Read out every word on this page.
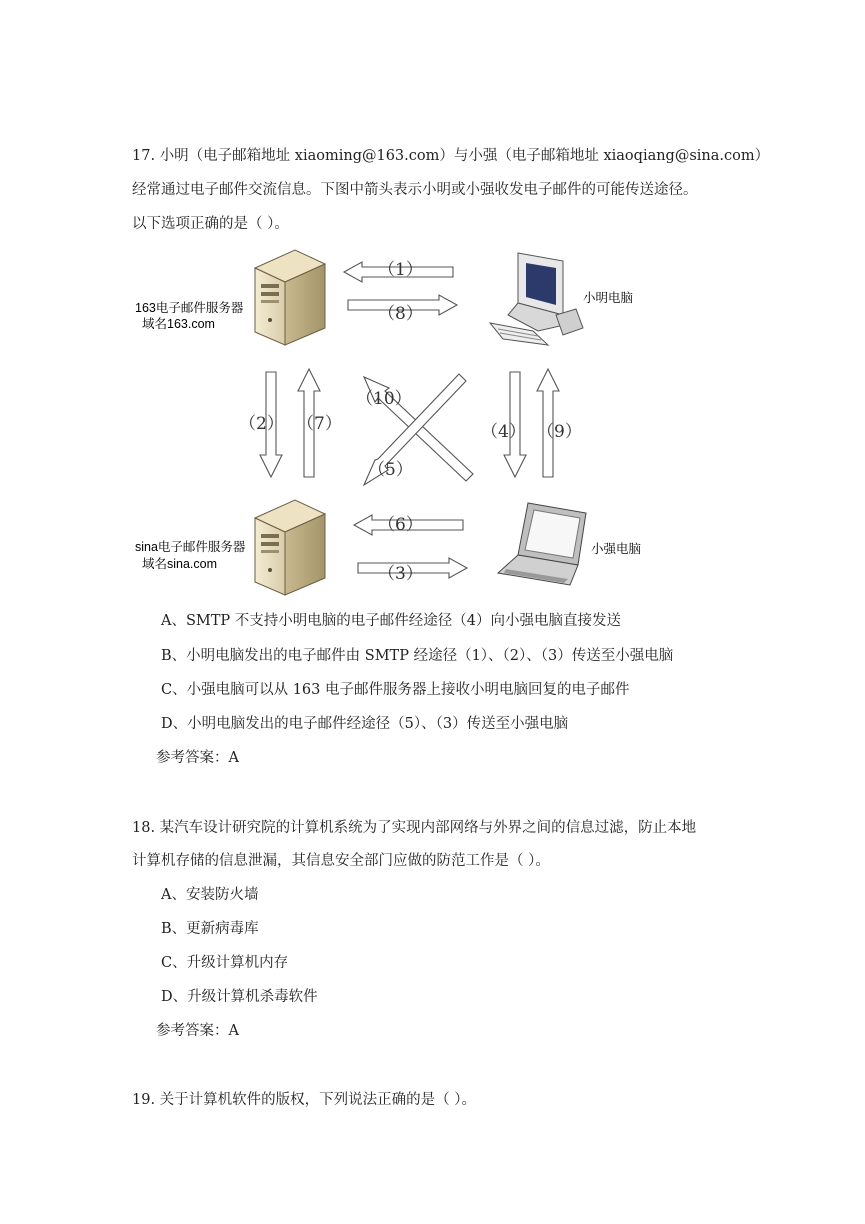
17. 小明（电子邮箱地址 xiaoming@163.com）与小强（电子邮箱地址 xiaoqiang@sina.com）
经常通过电子邮件交流信息。下图中箭头表示小明或小强收发电子邮件的可能传送途径。
以下选项正确的是（ ）。
163电子邮件服务器
域名163.com
sina电子邮件服务器
域名sina.com
小明电脑
小强电脑
（1）
（8）
（2） （7）
（10）
（5）
（4） （9）
（6）
（3）
A、SMTP 不支持小明电脑的电子邮件经途径（4）向小强电脑直接发送
B、小明电脑发出的电子邮件由 SMTP 经途径（1）、（2）、（3）传送至小强电脑
C、小强电脑可以从 163 电子邮件服务器上接收小明电脑回复的电子邮件
D、小明电脑发出的电子邮件经途径（5）、（3）传送至小强电脑
参考答案：A
18. 某汽车设计研究院的计算机系统为了实现内部网络与外界之间的信息过滤，防止本地
计算机存储的信息泄漏，其信息安全部门应做的防范工作是（ ）。
A、安装防火墙
B、更新病毒库
C、升级计算机内存
D、升级计算机杀毒软件
参考答案：A
19. 关于计算机软件的版权，下列说法正确的是（ ）。
